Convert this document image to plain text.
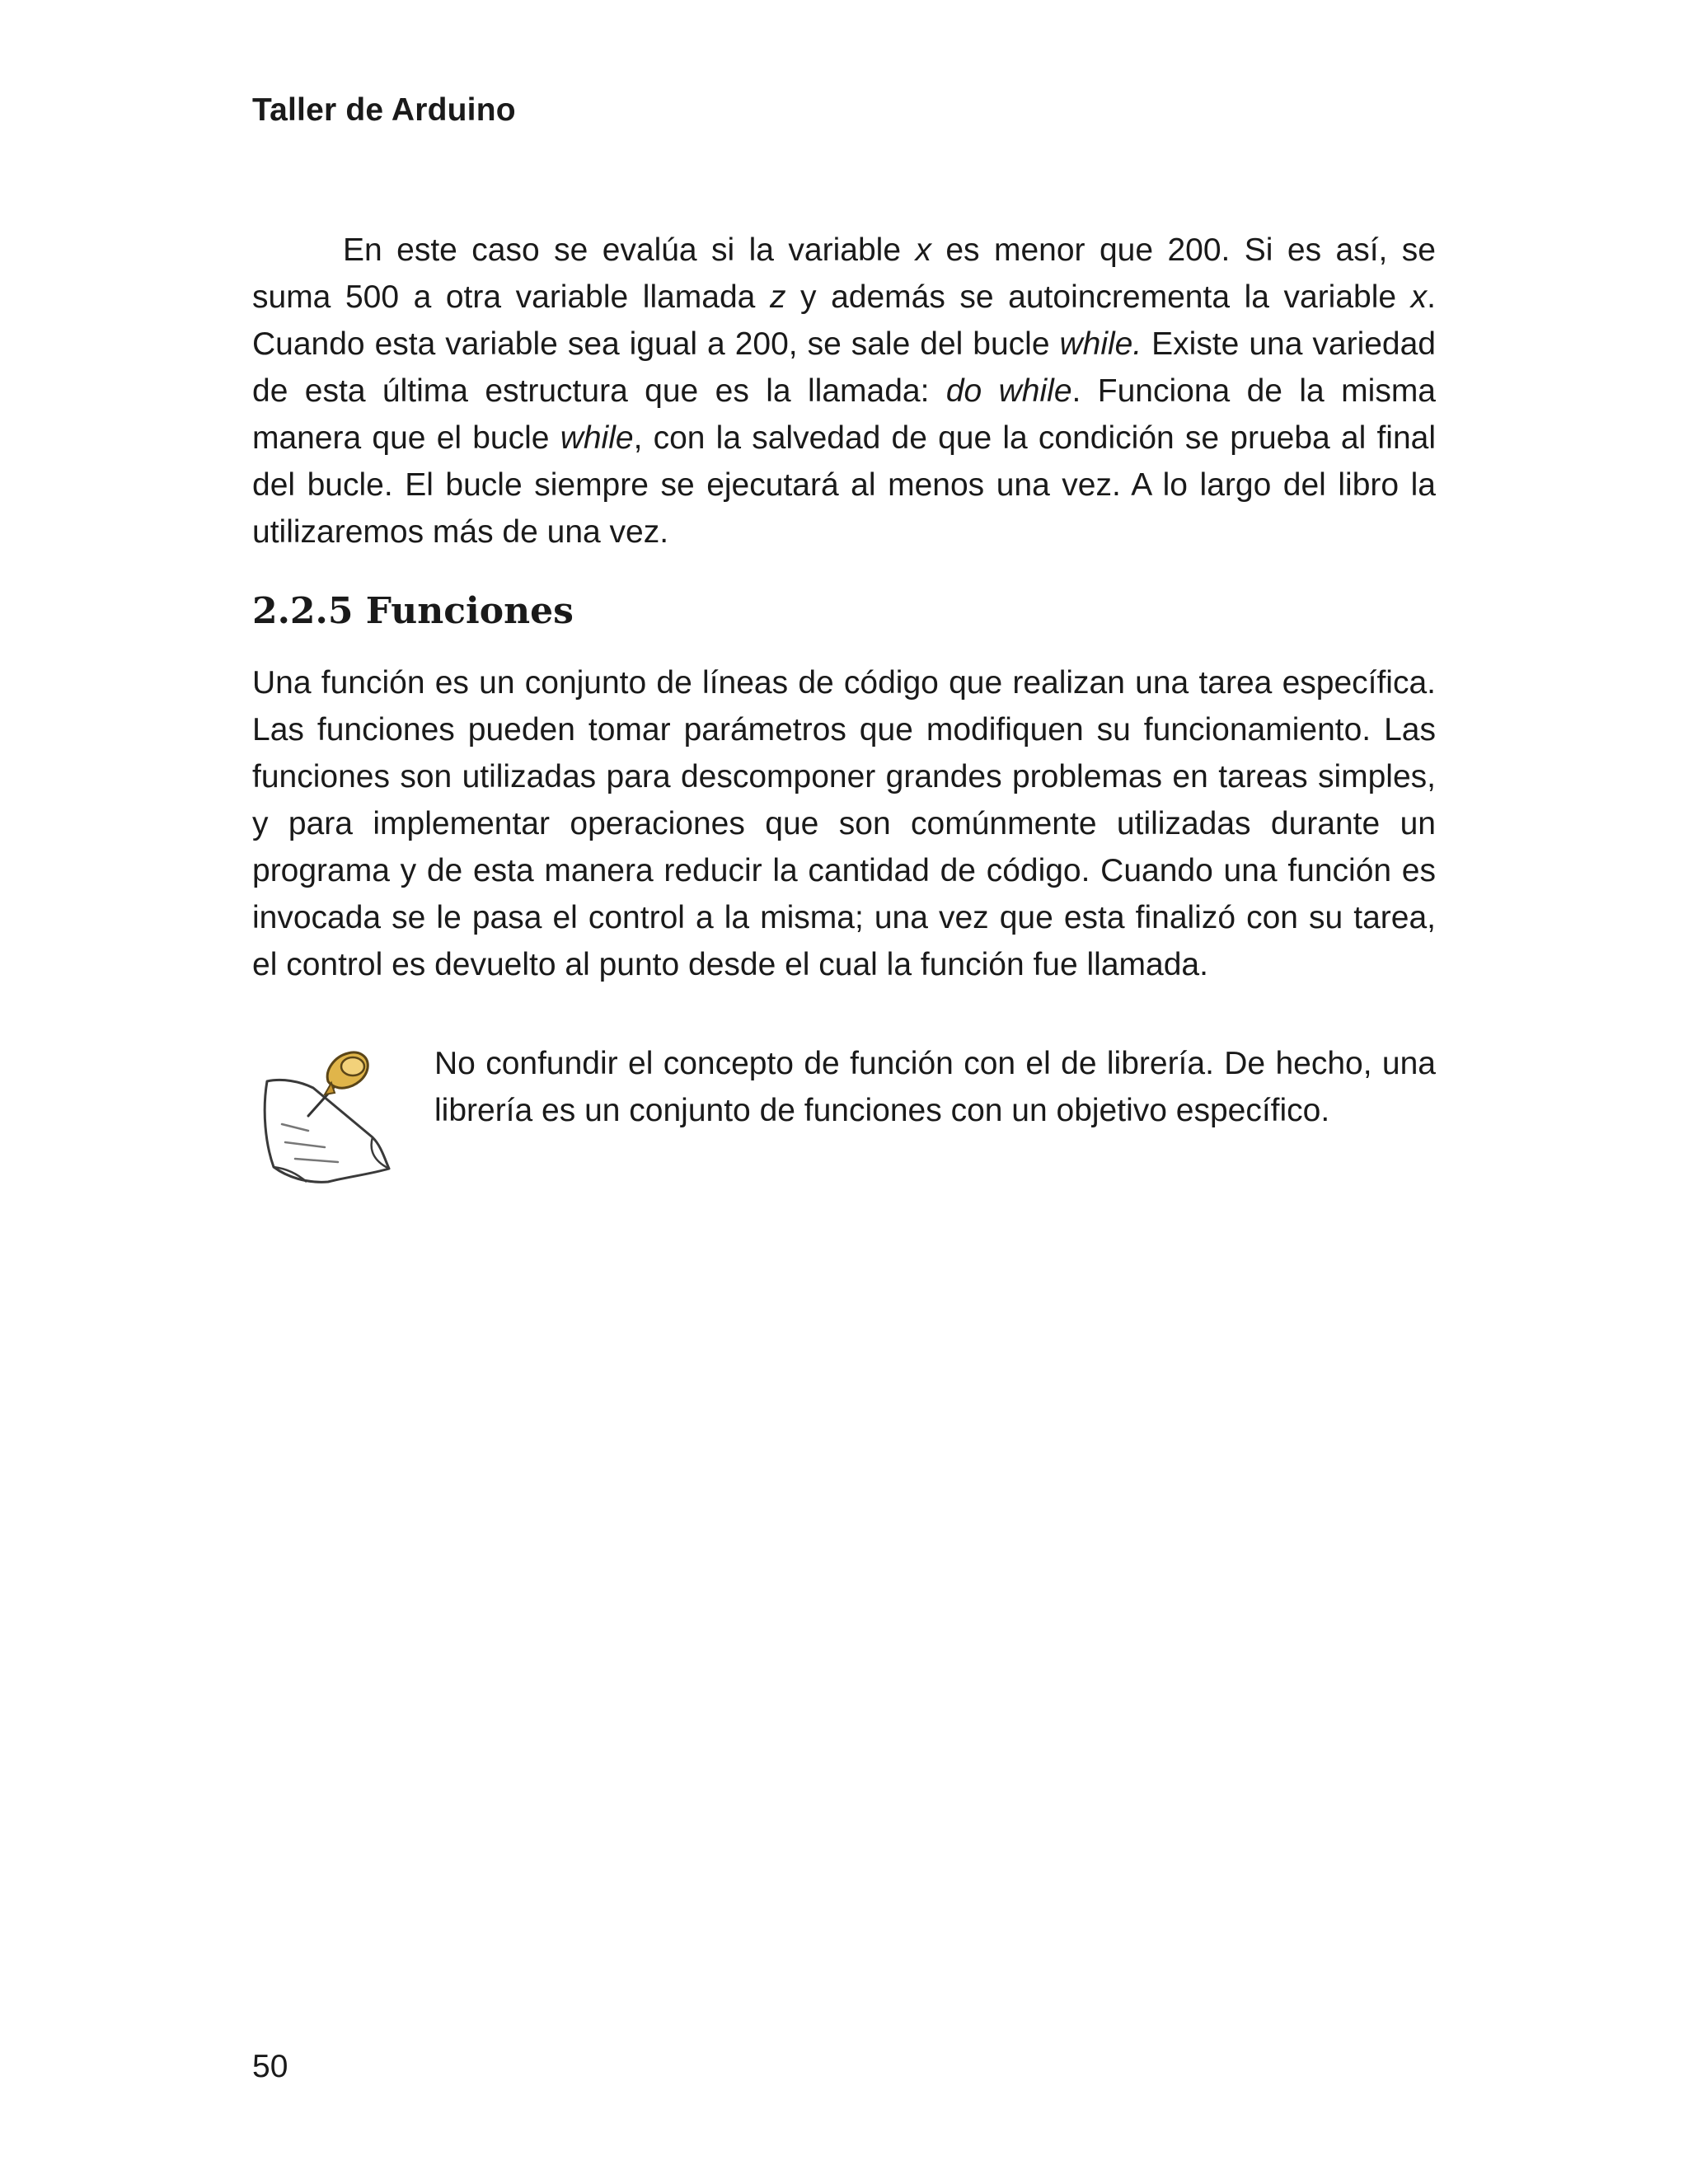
Taller de Arduino

En este caso se evalúa si la variable x es menor que 200. Si es así, se suma 500 a otra variable llamada z y además se autoincrementa la variable x. Cuando esta variable sea igual a 200, se sale del bucle while. Existe una variedad de esta última estructura que es la llamada: do while. Funciona de la misma manera que el bucle while, con la salvedad de que la condición se prueba al final del bucle. El bucle siempre se ejecutará al menos una vez. A lo largo del libro la utilizaremos más de una vez.

2.2.5 Funciones

Una función es un conjunto de líneas de código que realizan una tarea específica. Las funciones pueden tomar parámetros que modifiquen su funcionamiento. Las funciones son utilizadas para descomponer grandes problemas en tareas simples, y para implementar operaciones que son comúnmente utilizadas durante un programa y de esta manera reducir la cantidad de código. Cuando una función es invocada se le pasa el control a la misma; una vez que esta finalizó con su tarea, el control es devuelto al punto desde el cual la función fue llamada.

No confundir el concepto de función con el de librería. De hecho, una librería es un conjunto de funciones con un objetivo específico.

50
